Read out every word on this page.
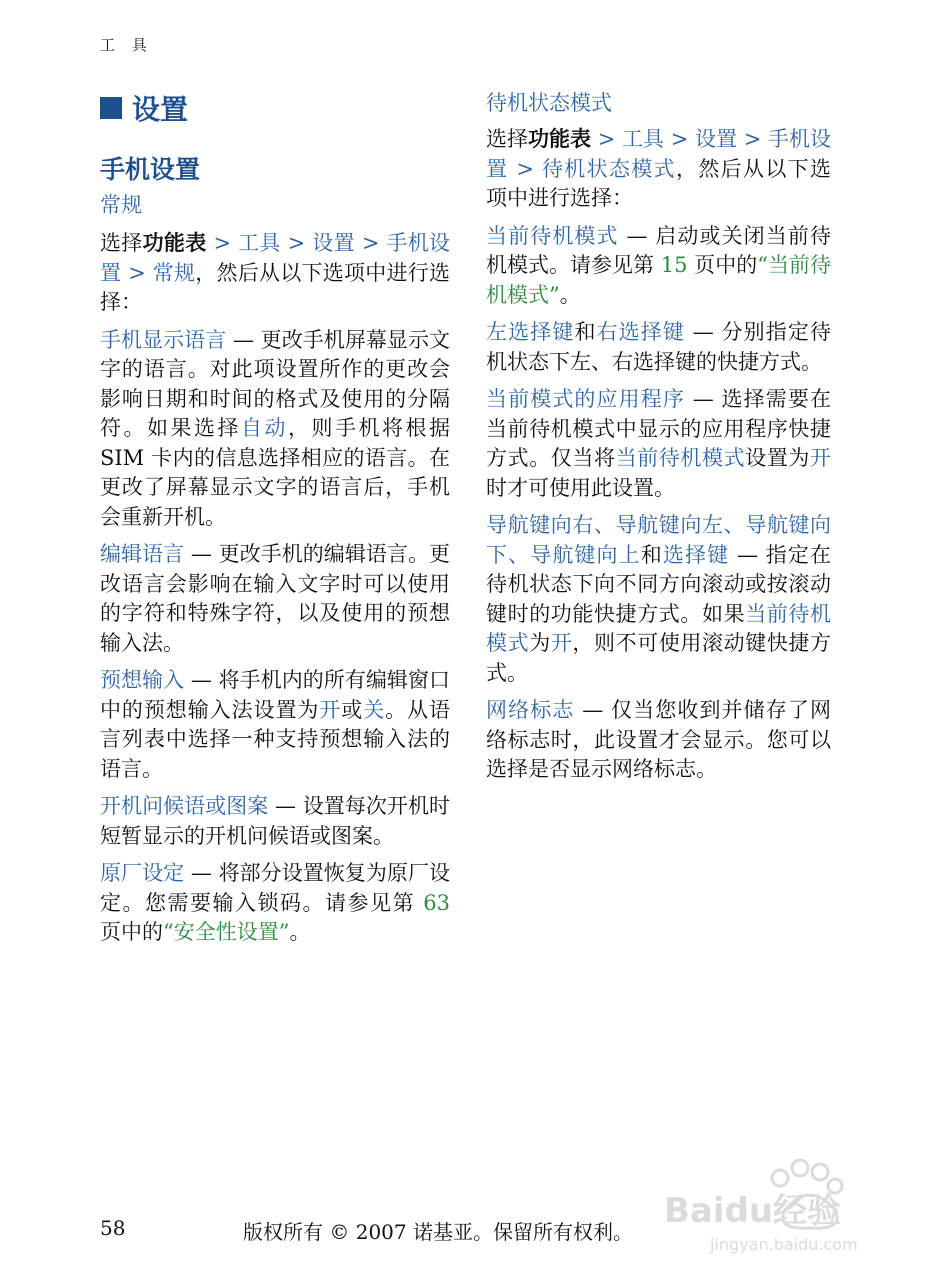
工 具
设置
手机设置
常规

选择功能表 > 工具 > 设置 > 手机设置 > 常规，然后从以下选项中进行选择：

手机显示语言 — 更改手机屏幕显示文字的语言。对此项设置所作的更改会影响日期和时间的格式及使用的分隔符。如果选择自动，则手机将根据 SIM 卡内的信息选择相应的语言。在更改了屏幕显示文字的语言后，手机会重新开机。

编辑语言 — 更改手机的编辑语言。更改语言会影响在输入文字时可以使用的字符和特殊字符，以及使用的预想输入法。

预想输入 — 将手机内的所有编辑窗口中的预想输入法设置为开或关。从语言列表中选择一种支持预想输入法的语言。

开机问候语或图案 — 设置每次开机时短暂显示的开机问候语或图案。

原厂设定 — 将部分设置恢复为原厂设定。您需要输入锁码。请参见第 63 页中的“安全性设置”。

待机状态模式

选择功能表 > 工具 > 设置 > 手机设置 > 待机状态模式，然后从以下选项中进行选择：

当前待机模式 — 启动或关闭当前待机模式。请参见第 15 页中的“当前待机模式”。

左选择键和右选择键 — 分别指定待机状态下左、右选择键的快捷方式。

当前模式的应用程序 — 选择需要在当前待机模式中显示的应用程序快捷方式。仅当将当前待机模式设置为开时才可使用此设置。

导航键向右、导航键向左、导航键向下、导航键向上和选择键 — 指定在待机状态下向不同方向滚动或按滚动键时的功能快捷方式。如果当前待机模式为开，则不可使用滚动键快捷方式。

网络标志 — 仅当您收到并储存了网络标志时，此设置才会显示。您可以选择是否显示网络标志。

Baidu经验
jingyan.baidu.com
58	版权所有 © 2007 诺基亚。保留所有权利。
